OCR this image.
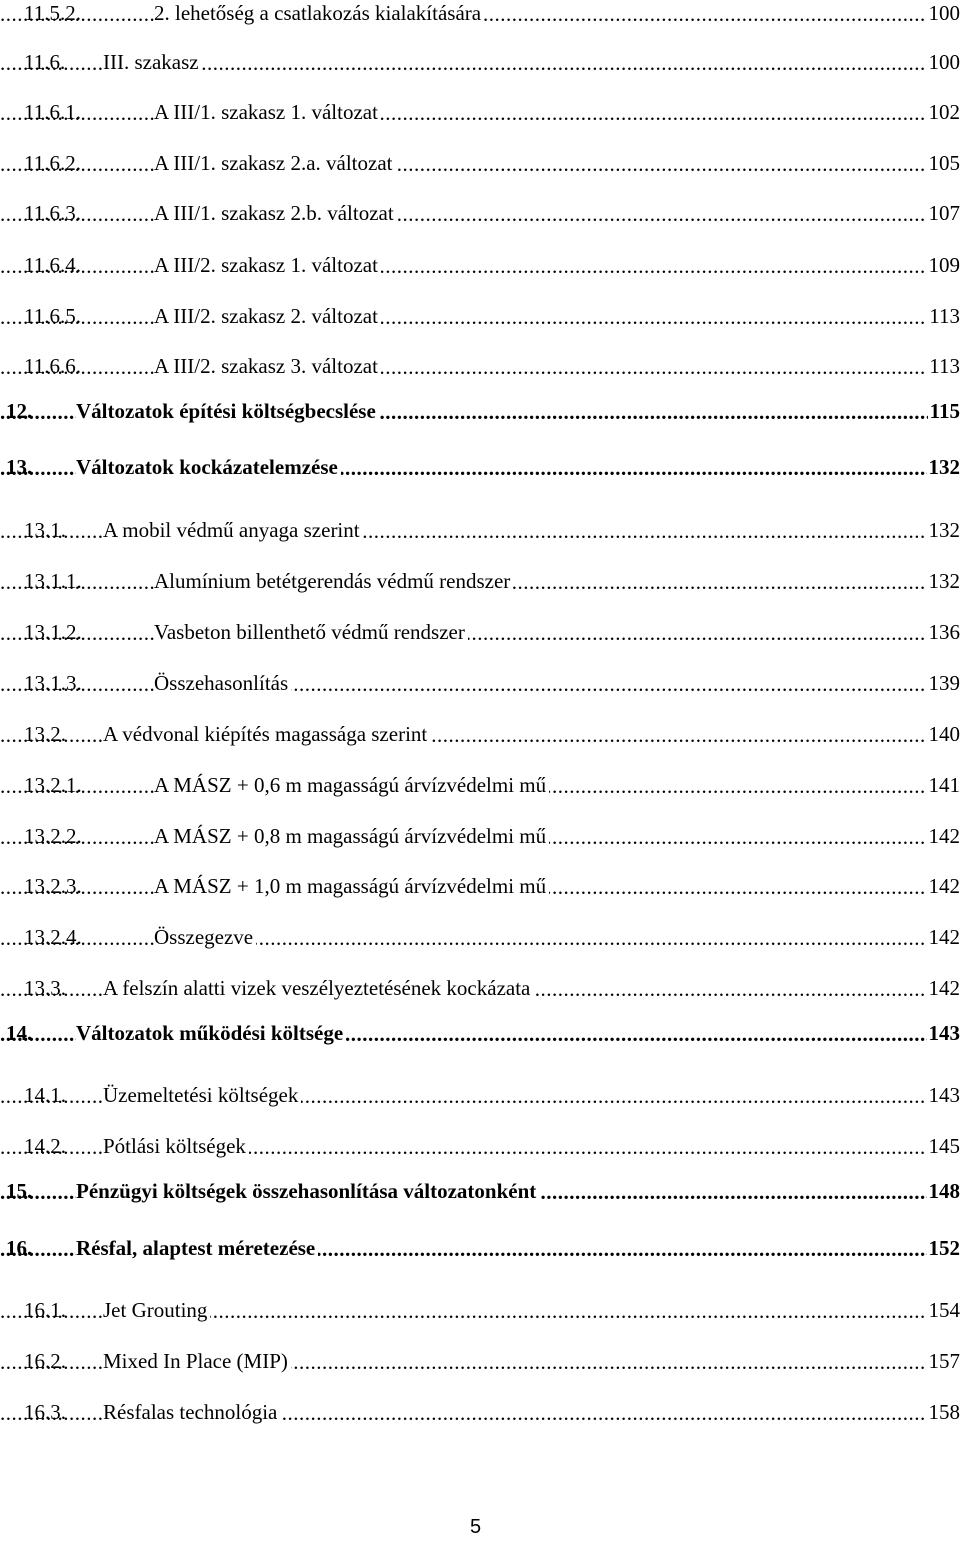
.....
11.5.2.	2. lehetőség a csatlakozás kialakítására	100
.....
11.6. III. szakasz	100
.....
11.6.1.	A III/1. szakasz 1. változat	102
.....
11.6.2.	A III/1. szakasz 2.a. változat	105
.....
11.6.3.	A III/1. szakasz 2.b. változat	107
.....
11.6.4.	A III/2. szakasz 1. változat	109
.....
11.6.5.	A III/2. szakasz 2. változat	113
.....
11.6.6.	A III/2. szakasz 3. változat	113
.....
12. Változatok építési költségbecslése	115
.....
13. Változatok kockázatelemzése	132
.....
13.1. A mobil védmű anyaga szerint	132
.....
13.1.1.	Alumínium betétgerendás védmű rendszer	132
.....
13.1.2.	Vasbeton billenthető védmű rendszer	136
.....
13.1.3.	Összehasonlítás	139
.....
13.2. A védvonal kiépítés magassága szerint	140
.....
13.2.1.	A MÁSZ + 0,6 m magasságú árvízvédelmi mű	141
.....
13.2.2.	A MÁSZ + 0,8 m magasságú árvízvédelmi mű	142
.....
13.2.3.	A MÁSZ + 1,0 m magasságú árvízvédelmi mű	142
.....
13.2.4.	Összegezve	142
.....
13.3. A felszín alatti vizek veszélyeztetésének kockázata	142
.....
14. Változatok működési költsége	143
.....
14.1. Üzemeltetési költségek	143
.....
14.2. Pótlási költségek	145
.....
15. Pénzügyi költségek összehasonlítása változatonként	148
.....
16. Résfal, alaptest méretezése	152
.....
16.1. Jet Grouting	154
.....
16.2. Mixed In Place (MIP)	157
.....
16.3. Résfalas technológia	158
5
